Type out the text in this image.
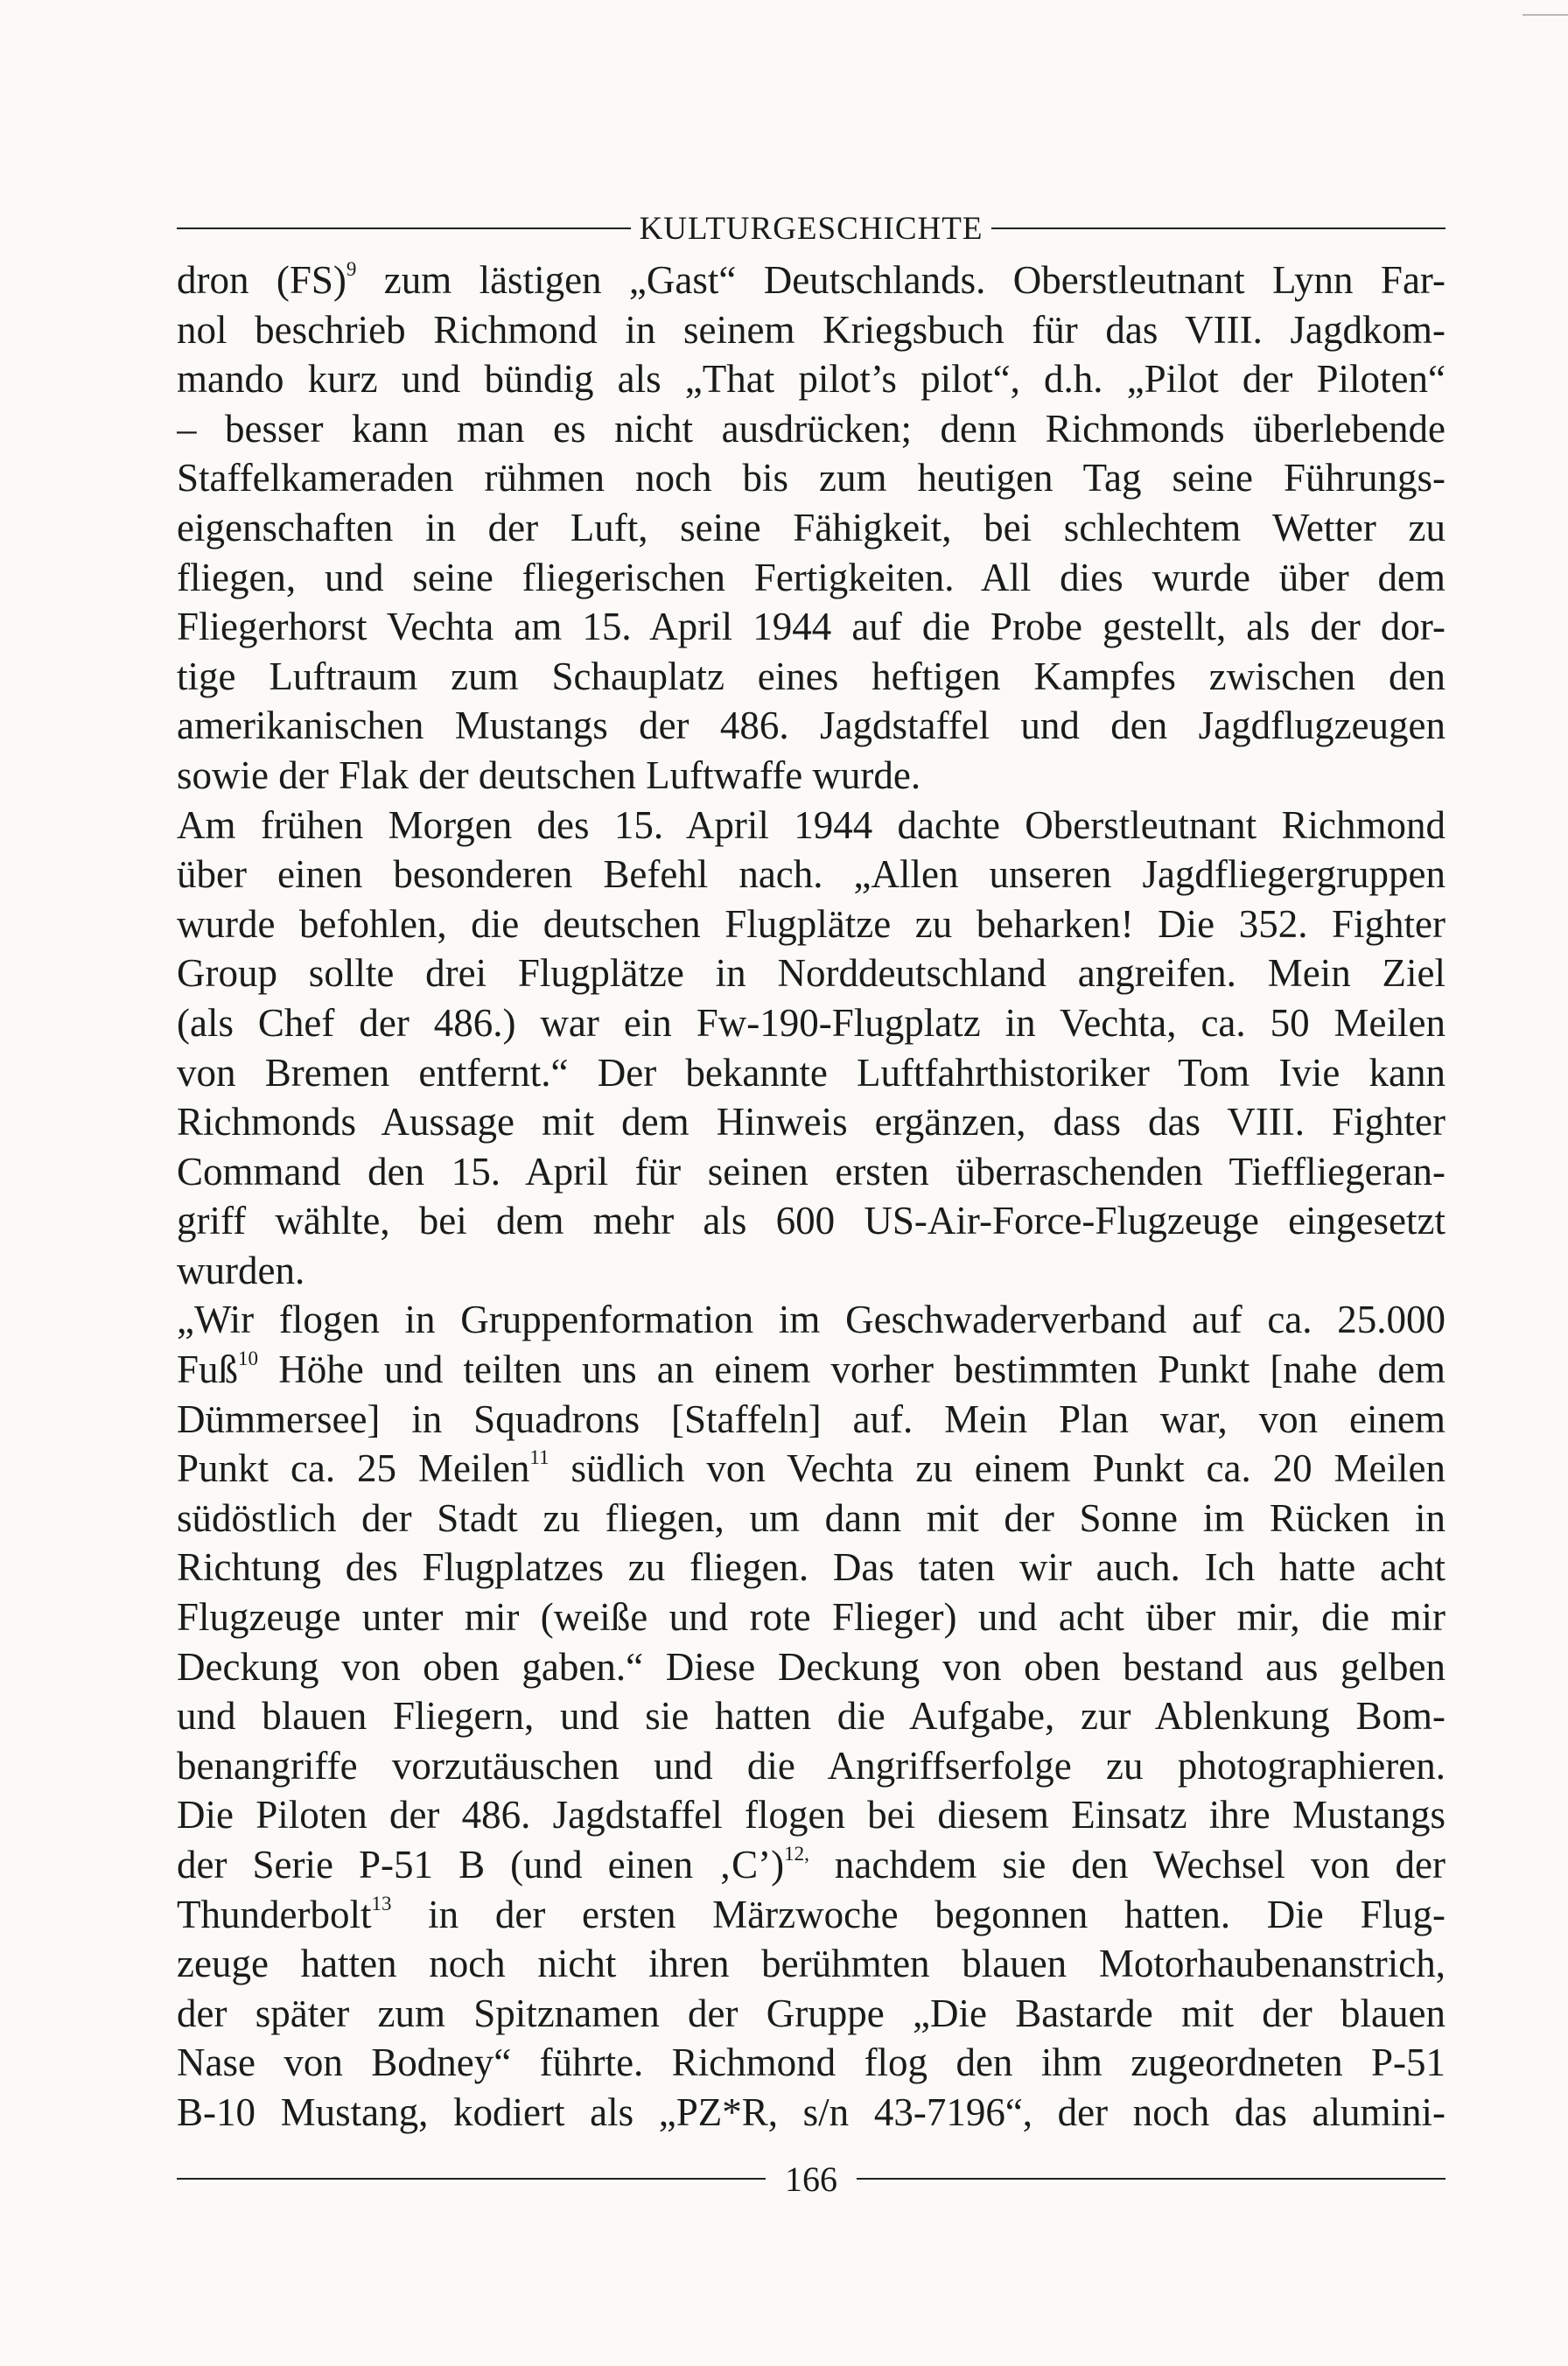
KULTURGESCHICHTE
dron (FS)$^9$ zum lästigen „Gast“ Deutschlands. Oberstleutnant Lynn Far-
nol beschrieb Richmond in seinem Kriegsbuch für das VIII. Jagdkom-
mando kurz und bündig als „That pilot’s pilot“, d.h. „Pilot der Piloten“
– besser kann man es nicht ausdrücken; denn Richmonds überlebende
Staffelkameraden rühmen noch bis zum heutigen Tag seine Führungs-
eigenschaften in der Luft, seine Fähigkeit, bei schlechtem Wetter zu
fliegen, und seine fliegerischen Fertigkeiten. All dies wurde über dem
Fliegerhorst Vechta am 15. April 1944 auf die Probe gestellt, als der dor-
tige Luftraum zum Schauplatz eines heftigen Kampfes zwischen den
amerikanischen Mustangs der 486. Jagdstaffel und den Jagdflugzeugen
sowie der Flak der deutschen Luftwaffe wurde.
Am frühen Morgen des 15. April 1944 dachte Oberstleutnant Richmond
über einen besonderen Befehl nach. „Allen unseren Jagdfliegergruppen
wurde befohlen, die deutschen Flugplätze zu beharken! Die 352. Fighter
Group sollte drei Flugplätze in Norddeutschland angreifen. Mein Ziel
(als Chef der 486.) war ein Fw-190-Flugplatz in Vechta, ca. 50 Meilen
von Bremen entfernt.“ Der bekannte Luftfahrthistoriker Tom Ivie kann
Richmonds Aussage mit dem Hinweis ergänzen, dass das VIII. Fighter
Command den 15. April für seinen ersten überraschenden Tieffliegeran-
griff wählte, bei dem mehr als 600 US-Air-Force-Flugzeuge eingesetzt
wurden.
„Wir flogen in Gruppenformation im Geschwaderverband auf ca. 25.000
Fuß$^{10}$ Höhe und teilten uns an einem vorher bestimmten Punkt [nahe dem
Dümmersee] in Squadrons [Staffeln] auf. Mein Plan war, von einem
Punkt ca. 25 Meilen$^{11}$ südlich von Vechta zu einem Punkt ca. 20 Meilen
südöstlich der Stadt zu fliegen, um dann mit der Sonne im Rücken in
Richtung des Flugplatzes zu fliegen. Das taten wir auch. Ich hatte acht
Flugzeuge unter mir (weiße und rote Flieger) und acht über mir, die mir
Deckung von oben gaben.“ Diese Deckung von oben bestand aus gelben
und blauen Fliegern, und sie hatten die Aufgabe, zur Ablenkung Bom-
benangriffe vorzutäuschen und die Angriffserfolge zu photographieren.
Die Piloten der 486. Jagdstaffel flogen bei diesem Einsatz ihre Mustangs
der Serie P-51 B (und einen ‚C’)$^{12,}$ nachdem sie den Wechsel von der
Thunderbolt$^{13}$ in der ersten Märzwoche begonnen hatten. Die Flug-
zeuge hatten noch nicht ihren berühmten blauen Motorhaubenanstrich,
der später zum Spitznamen der Gruppe „Die Bastarde mit der blauen
Nase von Bodney“ führte. Richmond flog den ihm zugeordneten P-51
B-10 Mustang, kodiert als „PZ*R, s/n 43-7196“, der noch das alumini-
166
